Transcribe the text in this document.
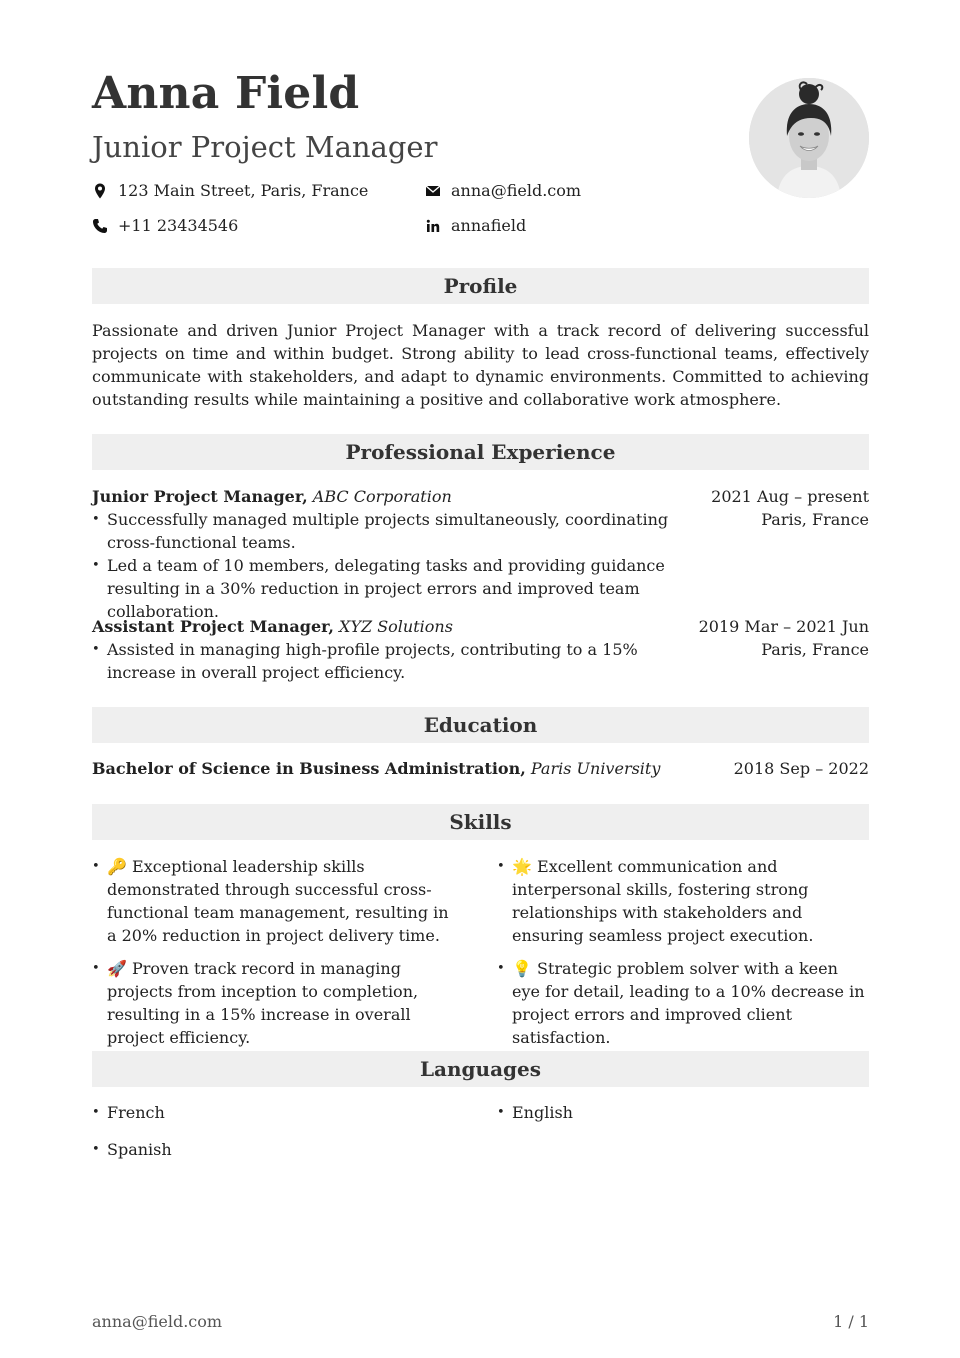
Anna Field
Junior Project Manager
123 Main Street, Paris, France	anna@field.com
+11 23434546	annafield
Profile
Passionate and driven Junior Project Manager with a track record of delivering successful projects on time and within budget. Strong ability to lead cross-functional teams, effectively communicate with stakeholders, and adapt to dynamic environments. Committed to achieving outstanding results while maintaining a positive and collaborative work atmosphere.
Professional Experience
Junior Project Manager, ABC Corporation	2021 Aug – present
Paris, France
• Successfully managed multiple projects simultaneously, coordinating cross-functional teams.
• Led a team of 10 members, delegating tasks and providing guidance resulting in a 30% reduction in project errors and improved team collaboration.
Assistant Project Manager, XYZ Solutions	2019 Mar – 2021 Jun
Paris, France
• Assisted in managing high-profile projects, contributing to a 15% increase in overall project efficiency.
Education
Bachelor of Science in Business Administration, Paris University	2018 Sep – 2022
Skills
• 🔑 Exceptional leadership skills demonstrated through successful cross-functional team management, resulting in a 20% reduction in project delivery time.
• 🚀 Proven track record in managing projects from inception to completion, resulting in a 15% increase in overall project efficiency.
• 🌟 Excellent communication and interpersonal skills, fostering strong relationships with stakeholders and ensuring seamless project execution.
• 💡 Strategic problem solver with a keen eye for detail, leading to a 10% decrease in project errors and improved client satisfaction.
Languages
• French
•	English
• Spanish
anna@field.com	1 / 1
